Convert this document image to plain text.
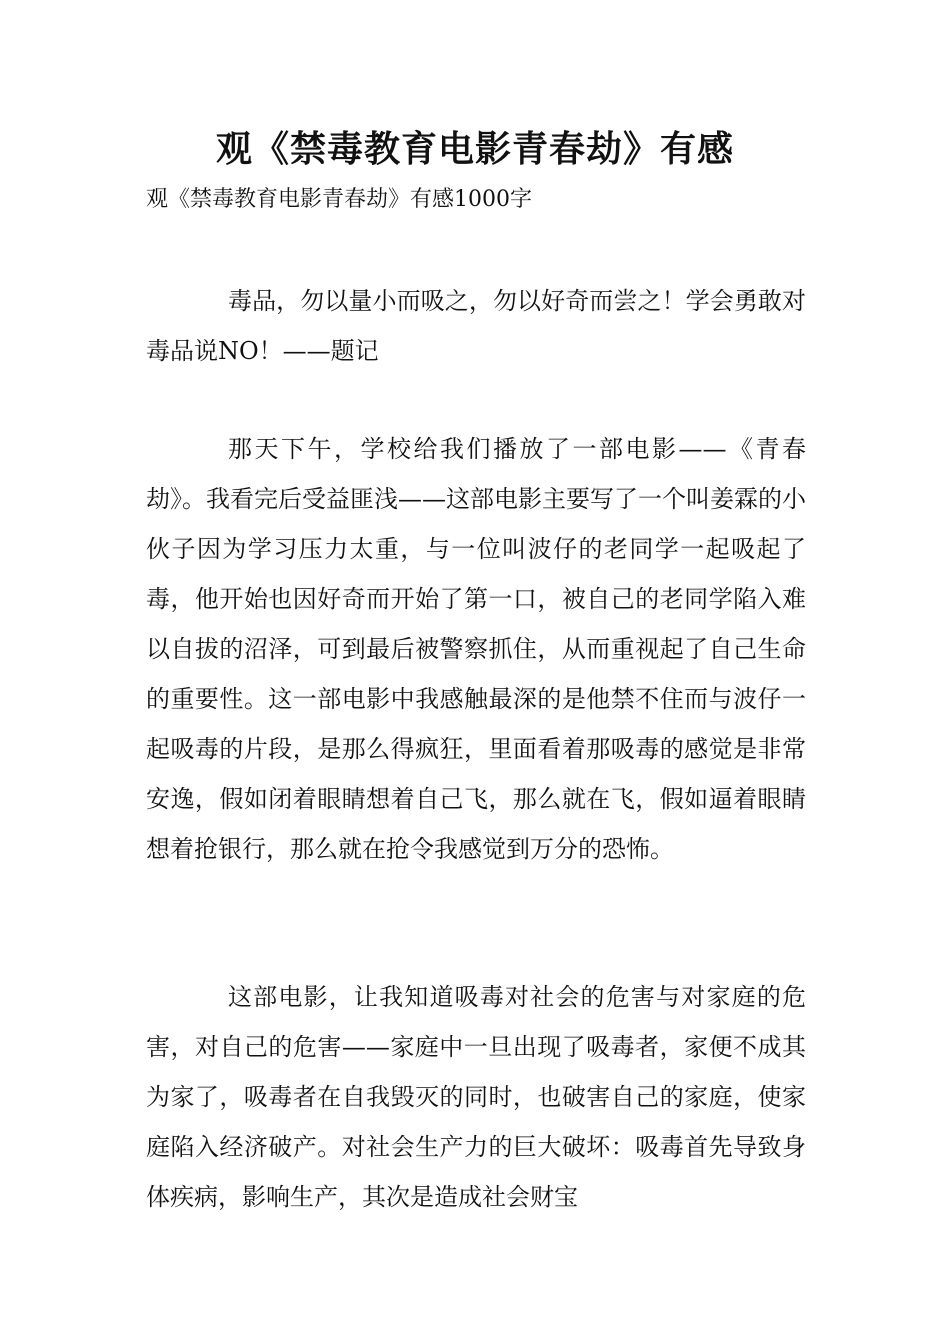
观《禁毒教育电影青春劫》有感
观《禁毒教育电影青春劫》有感1000字

毒品，勿以量小而吸之，勿以好奇而尝之！学会勇敢对毒品说NO！——题记

那天下午，学校给我们播放了一部电影——《青春劫》。我看完后受益匪浅——这部电影主要写了一个叫姜霖的小伙子因为学习压力太重，与一位叫波仔的老同学一起吸起了毒，他开始也因好奇而开始了第一口，被自己的老同学陷入难以自拔的沼泽，可到最后被警察抓住，从而重视起了自己生命的重要性。这一部电影中我感触最深的是他禁不住而与波仔一起吸毒的片段，是那么得疯狂，里面看着那吸毒的感觉是非常安逸，假如闭着眼睛想着自己飞，那么就在飞，假如逼着眼睛想着抢银行，那么就在抢令我感觉到万分的恐怖。

这部电影，让我知道吸毒对社会的危害与对家庭的危害，对自己的危害——家庭中一旦出现了吸毒者，家便不成其为家了，吸毒者在自我毁灭的同时，也破害自己的家庭，使家庭陷入经济破产。对社会生产力的巨大破坏：吸毒首先导致身体疾病，影响生产，其次是造成社会财宝
